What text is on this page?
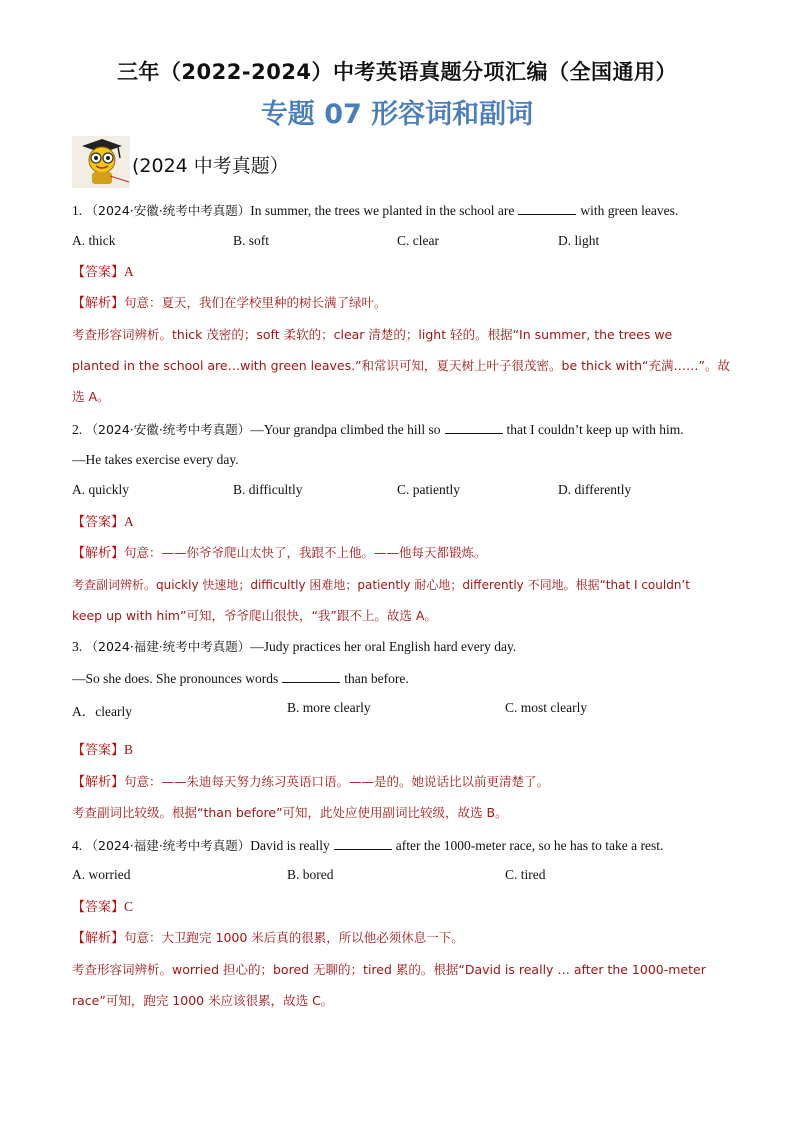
三年（2022-2024）中考英语真题分项汇编（全国通用）
专题 07 形容词和副词
(2024 中考真题）
1. （2024·安徽·统考中考真题）In summer, the trees we planted in the school are	with green leaves.
A. thick	B. soft	C. clear	D. light
【答案】A
【解析】句意：夏天，我们在学校里种的树长满了绿叶。
考查形容词辨析。thick 茂密的；soft 柔软的；clear 清楚的；light 轻的。根据“In summer, the trees we
planted in the school are…with green leaves.”和常识可知，夏天树上叶子很茂密。be thick with“充满……”。故
选 A。
2. （2024·安徽·统考中考真题）—Your grandpa climbed the hill so	that I couldn’t keep up with him.
—He takes exercise every day.
A. quickly	B. difficultly	C. patiently	D. differently
【答案】A
【解析】句意：——你爷爷爬山太快了，我跟不上他。——他每天都锻炼。
考查副词辨析。quickly 快速地；difficultly 困难地；patiently 耐心地；differently 不同地。根据“that I couldn’t
keep up with him”可知，爷爷爬山很快，“我”跟不上。故选 A。
3. （2024·福建·统考中考真题）—Judy practices her oral English hard every day.
—So she does. She pronounces words	than before.
A．clearly	B. more clearly	C. most clearly
【答案】B
【解析】句意：——朱迪每天努力练习英语口语。——是的。她说话比以前更清楚了。
考查副词比较级。根据“than before”可知，此处应使用副词比较级，故选 B。
4. （2024·福建·统考中考真题）David is really	after the 1000-meter race, so he has to take a rest.
A. worried	B. bored	C. tired
【答案】C
【解析】句意：大卫跑完 1000 米后真的很累，所以他必须休息一下。
考查形容词辨析。worried 担心的；bored 无聊的；tired 累的。根据“David is really … after the 1000-meter
race”可知，跑完 1000 米应该很累，故选 C。
